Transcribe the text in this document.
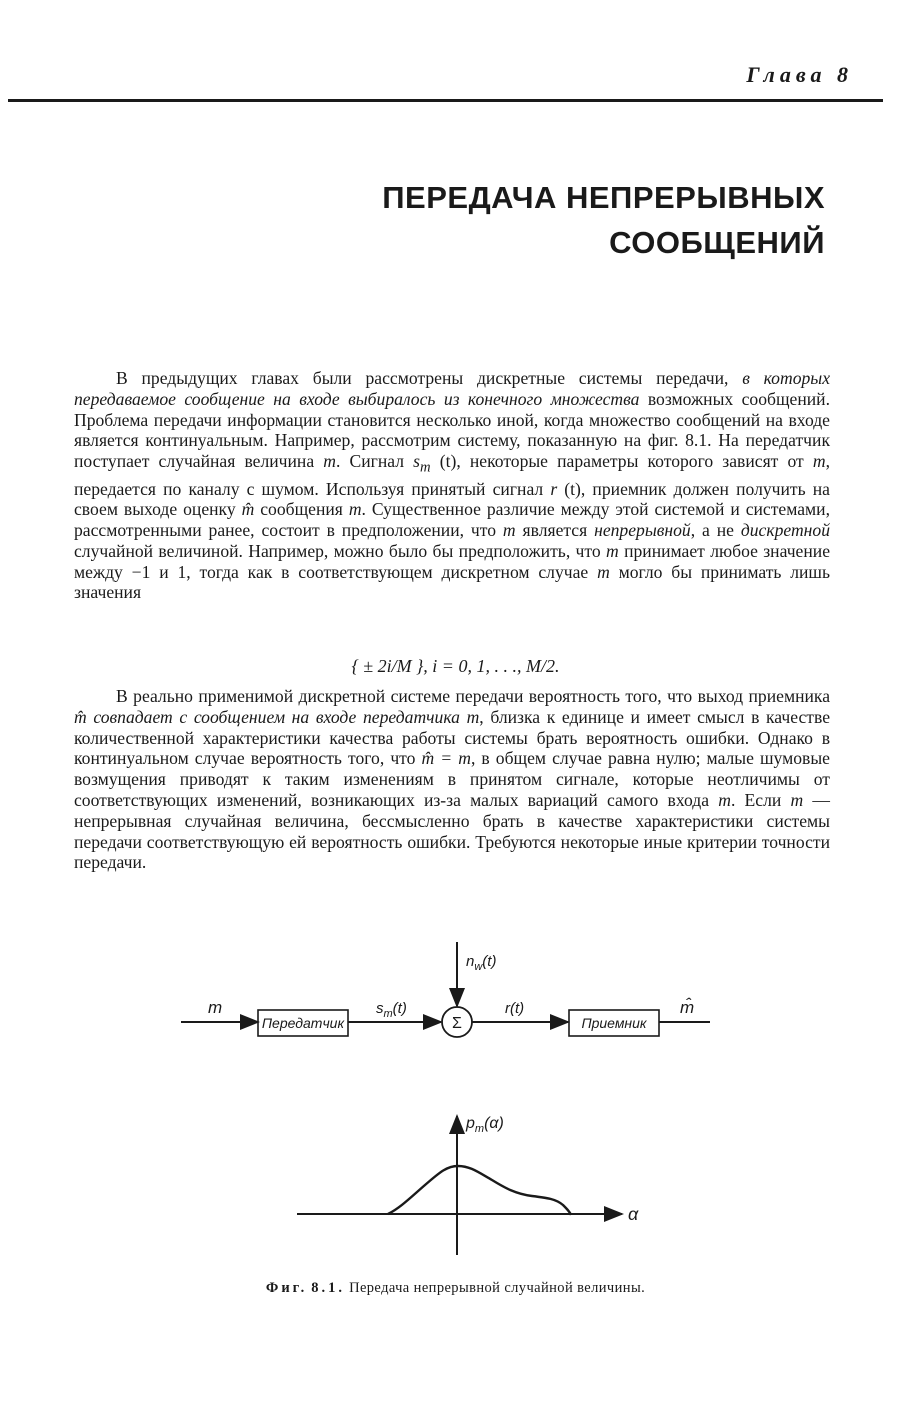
Глава 8
ПЕРЕДАЧА НЕПРЕРЫВНЫХ
СООБЩЕНИЙ

В предыдущих главах были рассмотрены дискретные системы передачи, в которых передаваемое сообщение на входе выбиралось из конечного множества возможных сообщений. Проблема передачи информации становится несколько иной, когда множество сообщений на входе является континуальным. Например, рассмотрим систему, показанную на фиг. 8.1. На передатчик поступает случайная величина m. Сигнал $s_m$ (t), некоторые параметры которого зависят от m, передается по каналу с шумом. Используя принятый сигнал r (t), приемник должен получить на своем выходе оценку m̂ сообщения m. Существенное различие между этой системой и системами, рассмотренными ранее, состоит в предположении, что m является непрерывной, а не дискретной случайной величиной. Например, можно было бы предположить, что m принимает любое значение между −1 и 1, тогда как в соответствующем дискретном случае m могло бы принимать лишь значения

{ ± 2i/M }, i = 0, 1, . . ., M/2.

В реально применимой дискретной системе передачи вероятность того, что выход приемника m̂ совпадает с сообщением на входе передатчика m, близка к единице и имеет смысл в качестве количественной характеристики качества работы системы брать вероятность ошибки. Однако в континуальном случае вероятность того, что m̂ = m, в общем случае равна нулю; малые шумовые возмущения приводят к таким изменениям в принятом сигнале, которые неотличимы от соответствующих изменений, возникающих из-за малых вариаций самого входа m. Если m — непрерывная случайная величина, бессмысленно брать в качестве характеристики системы передачи соответствующую ей вероятность ошибки. Требуются некоторые иные критерии точности передачи.

m
Передатчик
$s_m(t)$
Σ
$n_w(t)$
r(t)
Приемник
m̂
$p_m(\alpha)$
α
Фиг. 8.1. Передача непрерывной случайной величины.
